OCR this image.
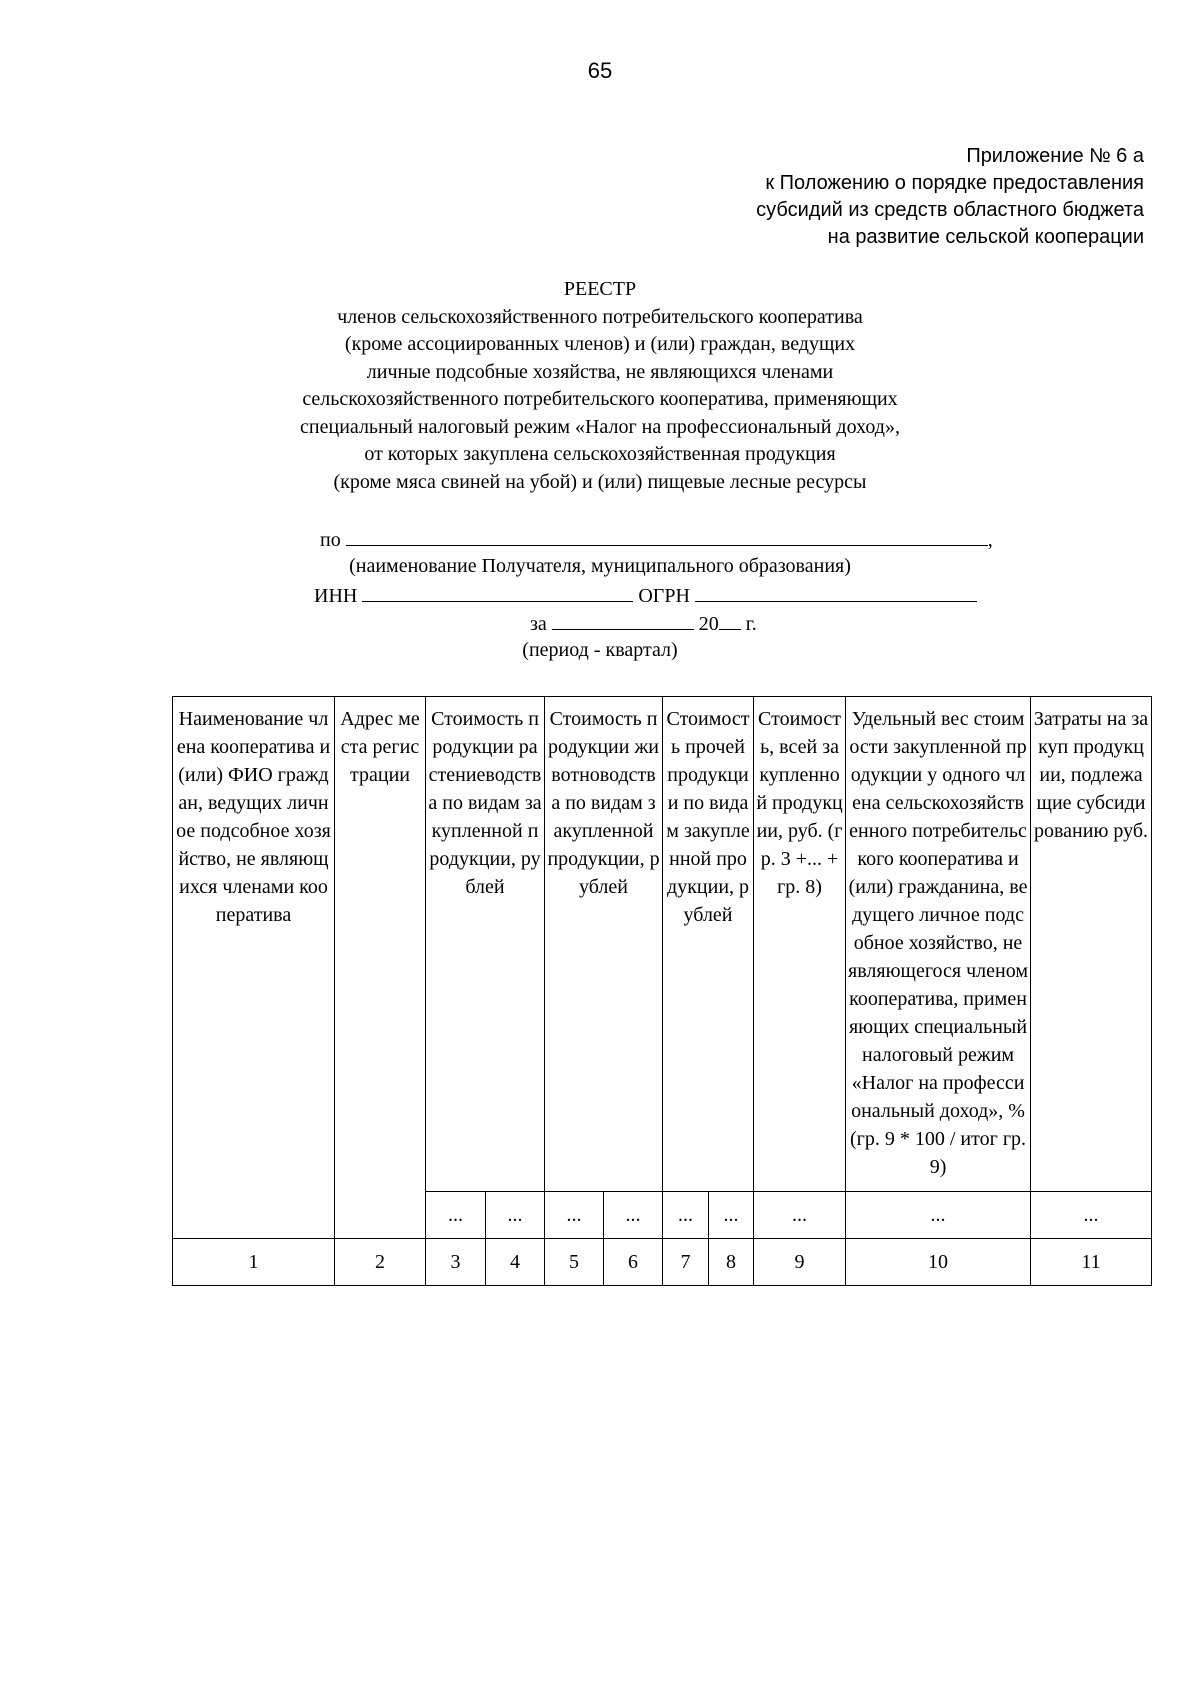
65
Приложение № 6 а
к Положению о порядке предоставления
субсидий из средств областного бюджета
на развитие сельской кооперации
РЕЕСТР
членов сельскохозяйственного потребительского кооператива
(кроме ассоциированных членов) и (или) граждан, ведущих
личные подсобные хозяйства, не являющихся членами
сельскохозяйственного потребительского кооператива, применяющих
специальный налоговый режим «Налог на профессиональный доход»,
от которых закуплена сельскохозяйственная продукция
(кроме мяса свиней на убой) и (или) пищевые лесные ресурсы
по	,
(наименование Получателя, муниципального образования)
ИНН	ОГРН
за	20 г.
(период - квартал)
Наименование члена кооператива и (или) ФИО граждан, ведущих личное подсобное хозяйство, не являющихся членами кооператива	Адрес места регистрации	Стоимость продукции растениеводства по видам закупленной продукции, рублей		Стоимость продукции животноводства по видам закупленной продукции, рублей		Стоимость прочей продукции по видам закупленной продукции, рублей		Стоимость, всей закупленной продукции, руб. (гр. 3 +... + гр. 8)	Удельный вес стоимости закупленной продукции у одного члена сельскохозяйственного потребительского кооператива и (или) гражданина, ведущего личное подсобное хозяйство, не являющегося членом кооператива, применяющих специальный налоговый режим «Налог на профессиональный доход», % (гр. 9 * 100 / итог гр. 9)	Затраты на закуп продукции, подлежащие субсидированию руб.

		...	...	...	...	...	...	...	...	...
1	2	3	4	5	6	7	8	9	10	11
